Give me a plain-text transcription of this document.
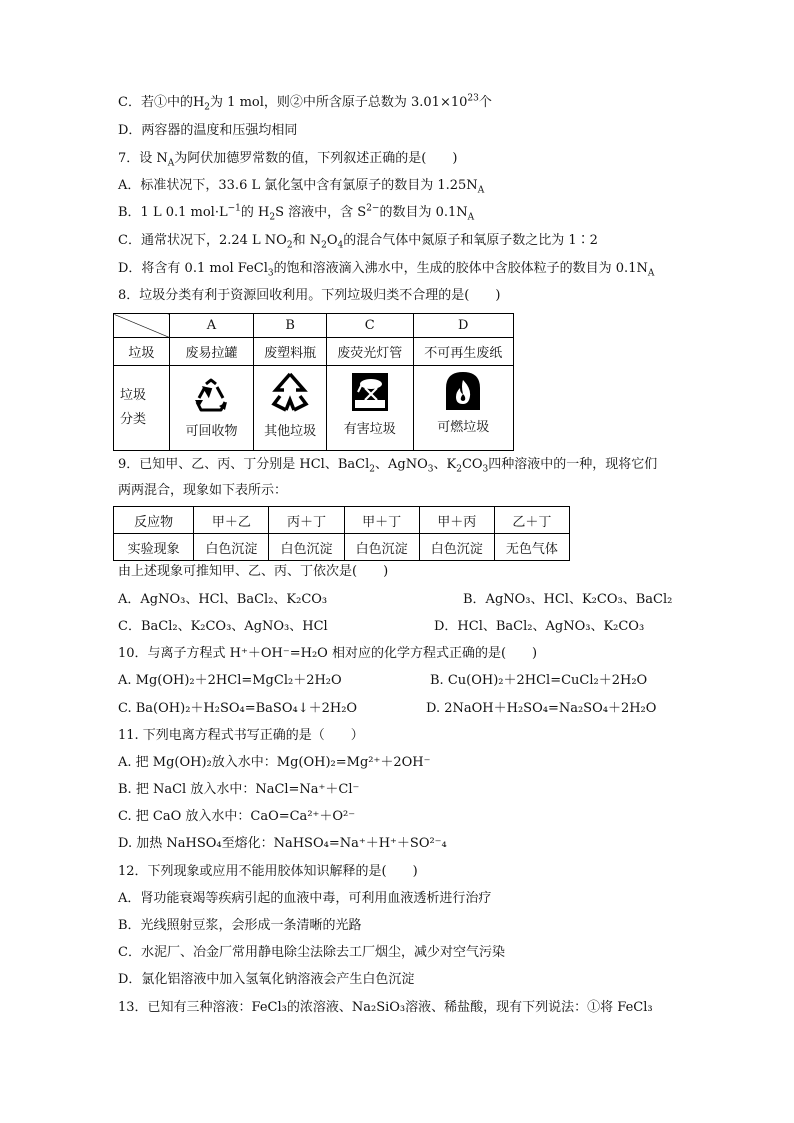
C．若①中的$H_2$为 1 mol，则②中所含原子总数为 $3.01\times 10^{23}$个
D．两容器的温度和压强均相同
7．设 $N_A$为阿伏加德罗常数的值，下列叙述正确的是(　　)
A．标准状况下，33.6 L 氯化氢中含有氯原子的数目为 $1.25N_A$
B．1 L 0.1 $mol\cdot L^{-1}$的 $H_2S$ 溶液中，含 $S^{2-}$的数目为 $0.1N_A$
C．通常状况下，2.24 L $NO_2$和 $N_2O_4$的混合气体中氮原子和氧原子数之比为 1∶2
D．将含有 0.1 mol FeCl$_3$的饱和溶液滴入沸水中，生成的胶体中含胶体粒子的数目为 $0.1N_A$
8．垃圾分类有利于资源回收利用。下列垃圾归类不合理的是(　　)
	A	B	C	D
垃圾	废易拉罐	废塑料瓶	废荧光灯管	不可再生废纸

垃圾
分类	可回收物	其他垃圾	有害垃圾	可燃垃圾
9．已知甲、乙、丙、丁分别是 HCl、BaCl$_2$、AgNO$_3$、$K_2CO_3$四种溶液中的一种，现将它们
两两混合，现象如下表所示：
反应物	甲＋乙	丙＋丁	甲＋丁	甲＋丙	乙＋丁
实验现象	白色沉淀	白色沉淀	白色沉淀	白色沉淀	无色气体
由上述现象可推知甲、乙、丙、丁依次是(　　)
A．AgNO₃、HCl、BaCl₂、K₂CO₃	B．AgNO₃、HCl、K₂CO₃、BaCl₂
C．BaCl₂、K₂CO₃、AgNO₃、HCl	D．HCl、BaCl₂、AgNO₃、K₂CO₃
10．与离子方程式 H⁺＋OH⁻=H₂O 相对应的化学方程式正确的是(　　)
A. Mg(OH)₂＋2HCl=MgCl₂＋2H₂O	B. Cu(OH)₂＋2HCl=CuCl₂＋2H₂O
C. Ba(OH)₂＋H₂SO₄=BaSO₄↓＋2H₂O	D. 2NaOH＋H₂SO₄=Na₂SO₄＋2H₂O
11. 下列电离方程式书写正确的是（　　）
A. 把 Mg(OH)₂放入水中：Mg(OH)₂=Mg²⁺＋2OH⁻
B. 把 NaCl 放入水中：NaCl=Na⁺＋Cl⁻
C. 把 CaO 放入水中：CaO=Ca²⁺＋O²⁻
D. 加热 NaHSO₄至熔化：NaHSO₄=Na⁺＋H⁺＋SO²⁻₄
12．下列现象或应用不能用胶体知识解释的是(　　)
A．肾功能衰竭等疾病引起的血液中毒，可利用血液透析进行治疗
B．光线照射豆浆，会形成一条清晰的光路
C．水泥厂、冶金厂常用静电除尘法除去工厂烟尘，减少对空气污染
D．氯化铝溶液中加入氢氧化钠溶液会产生白色沉淀
13．已知有三种溶液：FeCl₃的浓溶液、Na₂SiO₃溶液、稀盐酸，现有下列说法：①将 FeCl₃
